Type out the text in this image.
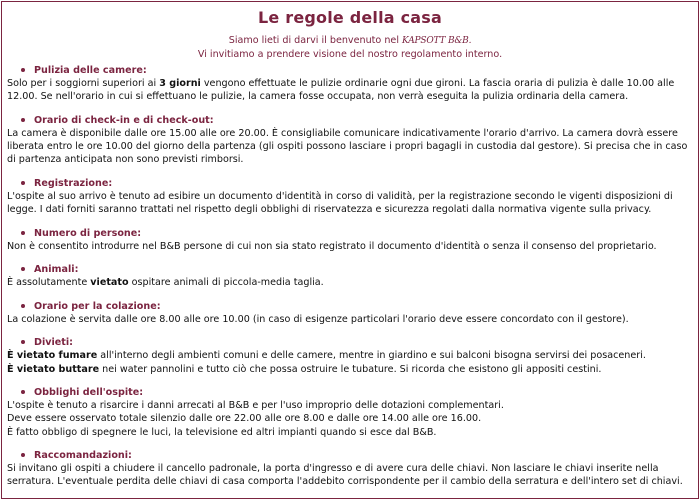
Le regole della casa
Siamo lieti di darvi il benvenuto nel KAPSOTT B&B.
Vi invitiamo a prendere visione del nostro regolamento interno.
Pulizia delle camere:
Solo per i soggiorni superiori ai 3 giorni vengono effettuate le pulizie ordinarie ogni due gironi. La fascia oraria di pulizia è dalle 10.00 alle
12.00. Se nell'orario in cui si effettuano le pulizie, la camera fosse occupata, non verrà eseguita la pulizia ordinaria della camera.
Orario di check-in e di check-out:
La camera è disponibile dalle ore 15.00 alle ore 20.00. È consigliabile comunicare indicativamente l'orario d'arrivo. La camera dovrà essere
liberata entro le ore 10.00 del giorno della partenza (gli ospiti possono lasciare i propri bagagli in custodia dal gestore). Si precisa che in caso
di partenza anticipata non sono previsti rimborsi.
Registrazione:
L'ospite al suo arrivo è tenuto ad esibire un documento d'identità in corso di validità, per la registrazione secondo le vigenti disposizioni di
legge. I dati forniti saranno trattati nel rispetto degli obblighi di riservatezza e sicurezza regolati dalla normativa vigente sulla privacy.
Numero di persone:
Non è consentito introdurre nel B&B persone di cui non sia stato registrato il documento d'identità o senza il consenso del proprietario.
Animali:
È assolutamente vietato ospitare animali di piccola-media taglia.
Orario per la colazione:
La colazione è servita dalle ore 8.00 alle ore 10.00 (in caso di esigenze particolari l'orario deve essere concordato con il gestore).
Divieti:
È vietato fumare all'interno degli ambienti comuni e delle camere, mentre in giardino e sui balconi bisogna servirsi dei posaceneri.
È vietato buttare nei water pannolini e tutto ciò che possa ostruire le tubature. Si ricorda che esistono gli appositi cestini.
Obblighi dell'ospite:
L'ospite è tenuto a risarcire i danni arrecati al B&B e per l'uso improprio delle dotazioni complementari.
Deve essere osservato totale silenzio dalle ore 22.00 alle ore 8.00 e dalle ore 14.00 alle ore 16.00.
È fatto obbligo di spegnere le luci, la televisione ed altri impianti quando si esce dal B&B.
Raccomandazioni:
Si invitano gli ospiti a chiudere il cancello padronale, la porta d'ingresso e di avere cura delle chiavi. Non lasciare le chiavi inserite nella
serratura. L'eventuale perdita delle chiavi di casa comporta l'addebito corrispondente per il cambio della serratura e dell'intero set di chiavi.
